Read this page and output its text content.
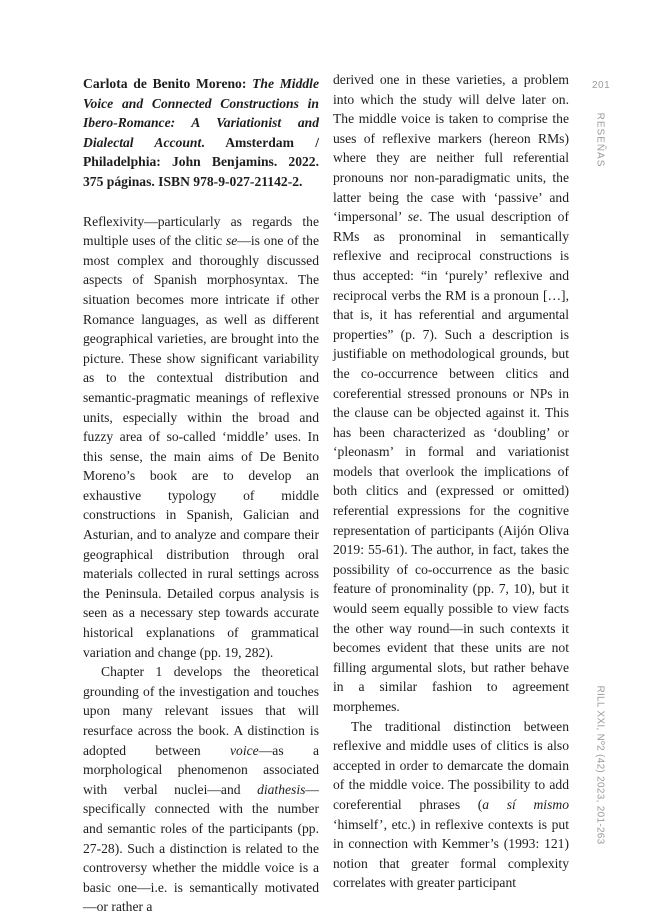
201
RESEÑAS
RILL XXI, Nº2 (42) 2023, 201-263
Carlota de Benito Moreno: The Middle Voice and Connected Constructions in Ibero-Romance: A Variationist and Dialectal Account. Amsterdam / Philadelphia: John Benjamins. 2022. 375 páginas. ISBN 978-9-027-21142-2.

Reflexivity—particularly as regards the multiple uses of the clitic se—is one of the most complex and thoroughly discussed aspects of Spanish morphosyntax. The situation becomes more intricate if other Romance languages, as well as different geographical varieties, are brought into the picture. These show significant variability as to the contextual distribution and semantic-pragmatic meanings of reflexive units, especially within the broad and fuzzy area of so-called ‘middle’ uses. In this sense, the main aims of De Benito Moreno’s book are to develop an exhaustive typology of middle constructions in Spanish, Galician and Asturian, and to analyze and compare their geographical distribution through oral materials collected in rural settings across the Peninsula. Detailed corpus analysis is seen as a necessary step towards accurate historical explanations of grammatical variation and change (pp. 19, 282).

Chapter 1 develops the theoretical grounding of the investigation and touches upon many relevant issues that will resurface across the book. A distinction is adopted between voice—as a morphological phenomenon associated with verbal nuclei—and diathesis—specifically connected with the number and semantic roles of the participants (pp. 27-28). Such a distinction is related to the controversy whether the middle voice is a basic one—i.e. is semantically motivated—or rather a

derived one in these varieties, a problem into which the study will delve later on. The middle voice is taken to comprise the uses of reflexive markers (hereon RMs) where they are neither full referential pronouns nor non-paradigmatic units, the latter being the case with ‘passive’ and ‘impersonal’ se. The usual description of RMs as pronominal in semantically reflexive and reciprocal constructions is thus accepted: “in ‘purely’ reflexive and reciprocal verbs the RM is a pronoun […], that is, it has referential and argumental properties” (p. 7). Such a description is justifiable on methodological grounds, but the co-occurrence between clitics and coreferential stressed pronouns or NPs in the clause can be objected against it. This has been characterized as ‘doubling’ or ‘pleonasm’ in formal and variationist models that overlook the implications of both clitics and (expressed or omitted) referential expressions for the cognitive representation of participants (Aijón Oliva 2019: 55-61). The author, in fact, takes the possibility of co-occurrence as the basic feature of pronominality (pp. 7, 10), but it would seem equally possible to view facts the other way round—in such contexts it becomes evident that these units are not filling argumental slots, but rather behave in a similar fashion to agreement morphemes.

The traditional distinction between reflexive and middle uses of clitics is also accepted in order to demarcate the domain of the middle voice. The possibility to add coreferential phrases (a sí mismo ‘himself’, etc.) in reflexive contexts is put in connection with Kemmer’s (1993: 121) notion that greater formal complexity correlates with greater participant
